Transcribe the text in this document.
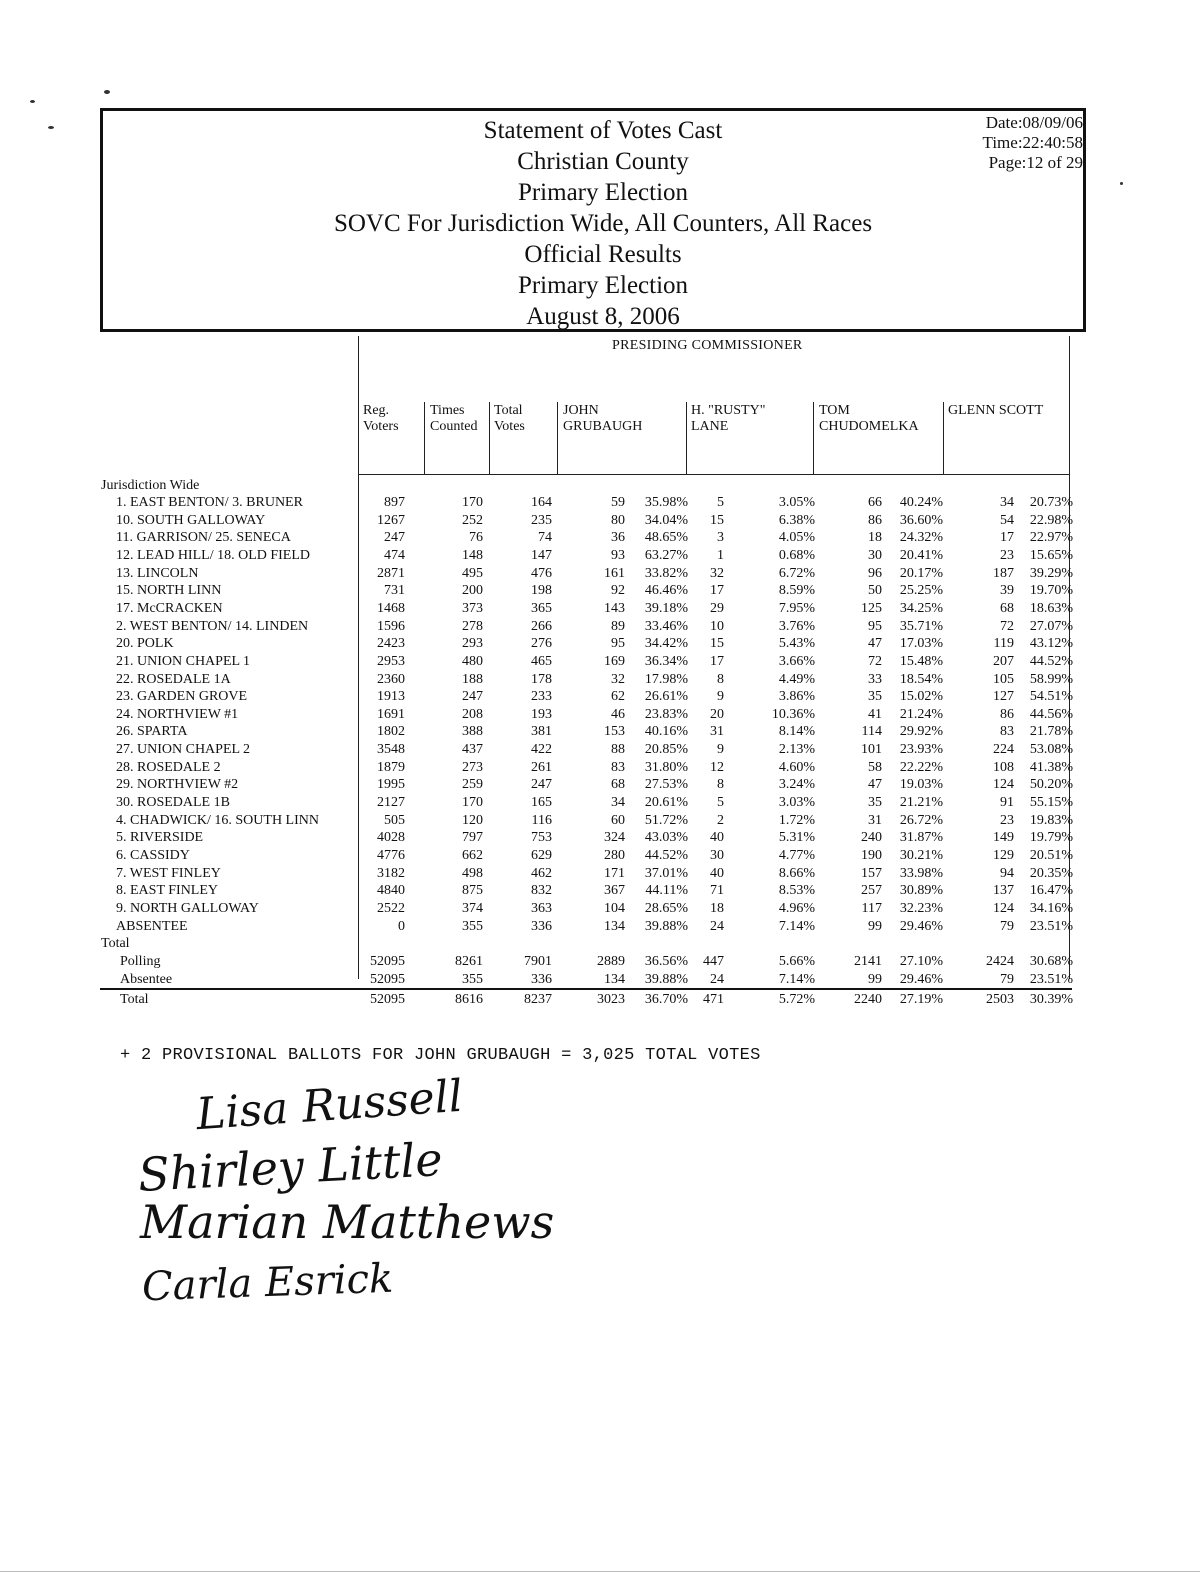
Statement of Votes Cast
Christian County
Primary Election
SOVC For Jurisdiction Wide, All Counters, All Races
Official Results
Primary Election
August 8, 2006
Date:08/09/06
Time:22:40:58
Page:12 of 29
PRESIDING COMMISSIONER
Reg.
Voters
Times
Counted
Total
Votes
JOHN
GRUBAUGH
H. "RUSTY"
LANE
TOM
CHUDOMELKA
GLENN SCOTT
Jurisdiction Wide
1. EAST BENTON/ 3. BRUNER	897	170	164	59 35.98% 5	3.05%	66 40.24%	34 20.73%
10. SOUTH GALLOWAY	1267	252	235	80 34.04% 15	6.38%	86 36.60%	54 22.98%
11. GARRISON/ 25. SENECA	247	76	74	36 48.65% 3	4.05%	18 24.32%	17 22.97%
12. LEAD HILL/ 18. OLD FIELD	474	148	147	93 63.27% 1	0.68%	30 20.41%	23 15.65%
13. LINCOLN	2871	495	476	161 33.82% 32	6.72%	96 20.17%	187 39.29%
15. NORTH LINN	731	200	198	92 46.46% 17	8.59%	50 25.25%	39 19.70%
17. McCRACKEN	1468	373	365	143 39.18% 29	7.95%	125 34.25%	68 18.63%
2. WEST BENTON/ 14. LINDEN	1596	278	266	89 33.46% 10	3.76%	95 35.71%	72 27.07%
20. POLK	2423	293	276	95 34.42% 15	5.43%	47 17.03%	119 43.12%
21. UNION CHAPEL 1	2953	480	465	169 36.34% 17	3.66%	72 15.48%	207 44.52%
22. ROSEDALE 1A	2360	188	178	32 17.98% 8	4.49%	33 18.54%	105 58.99%
23. GARDEN GROVE	1913	247	233	62 26.61% 9	3.86%	35 15.02%	127 54.51%
24. NORTHVIEW #1	1691	208	193	46 23.83% 20	10.36%	41 21.24%	86 44.56%
26. SPARTA	1802	388	381	153 40.16% 31	8.14%	114 29.92%	83 21.78%
27. UNION CHAPEL 2	3548	437	422	88 20.85% 9	2.13%	101 23.93%	224 53.08%
28. ROSEDALE 2	1879	273	261	83 31.80% 12	4.60%	58 22.22%	108 41.38%
29. NORTHVIEW #2	1995	259	247	68 27.53% 8	3.24%	47 19.03%	124 50.20%
30. ROSEDALE 1B	2127	170	165	34 20.61% 5	3.03%	35 21.21%	91 55.15%
4. CHADWICK/ 16. SOUTH LINN	505	120	116	60 51.72% 2	1.72%	31 26.72%	23 19.83%
5. RIVERSIDE	4028	797	753	324 43.03% 40	5.31%	240 31.87%	149 19.79%
6. CASSIDY	4776	662	629	280 44.52% 30	4.77%	190 30.21%	129 20.51%
7. WEST FINLEY	3182	498	462	171 37.01% 40	8.66%	157 33.98%	94 20.35%
8. EAST FINLEY	4840	875	832	367 44.11% 71	8.53%	257 30.89%	137 16.47%
9. NORTH GALLOWAY	2522	374	363	104 28.65% 18	4.96%	117 32.23%	124 34.16%
ABSENTEE	0	355	336	134 39.88% 24	7.14%	99 29.46%	79 23.51%
Total
Polling	52095	8261	7901	2889 36.56% 447	5.66%	2141 27.10%	2424 30.68%
Absentee	52095	355	336	134 39.88% 24	7.14%	99 29.46%	79 23.51%
Total	52095	8616	8237	3023 36.70% 471	5.72%	2240 27.19%	2503 30.39%
+ 2 PROVISIONAL BALLOTS FOR JOHN GRUBAUGH = 3,025 TOTAL VOTES
Lisa Russell
Shirley Little
Marian Matthews
Carla Esrick
